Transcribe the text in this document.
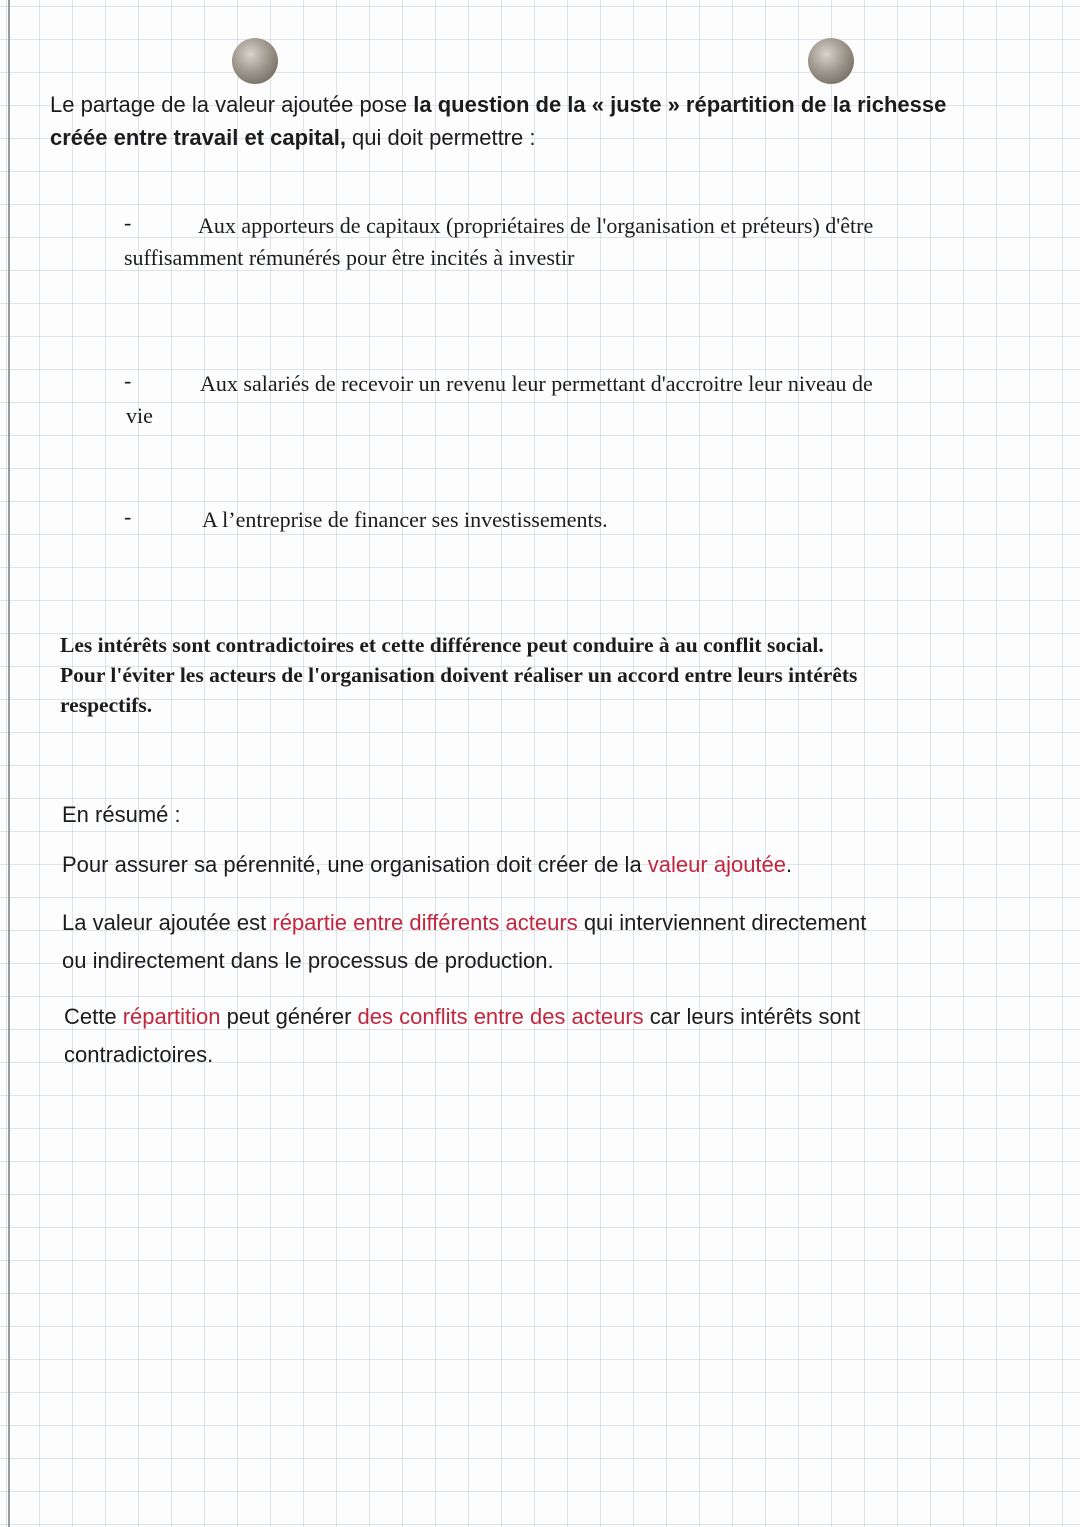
Le partage de la valeur ajoutée pose la question de la « juste » répartition de la richesse
créée entre travail et capital, qui doit permettre :
-	Aux apporteurs de capitaux (propriétaires de l'organisation et préteurs) d'être
suffisamment rémunérés pour être incités à investir
-	Aux salariés de recevoir un revenu leur permettant d'accroitre leur niveau de
vie
-	A l’entreprise de financer ses investissements.
Les intérêts sont contradictoires et cette différence peut conduire à au conflit social.
Pour l'éviter les acteurs de l'organisation doivent réaliser un accord entre leurs intérêts
respectifs.
En résumé :
Pour assurer sa pérennité, une organisation doit créer de la valeur ajoutée.
La valeur ajoutée est répartie entre différents acteurs qui interviennent directement
ou indirectement dans le processus de production.
Cette répartition peut générer des conflits entre des acteurs car leurs intérêts sont
contradictoires.
